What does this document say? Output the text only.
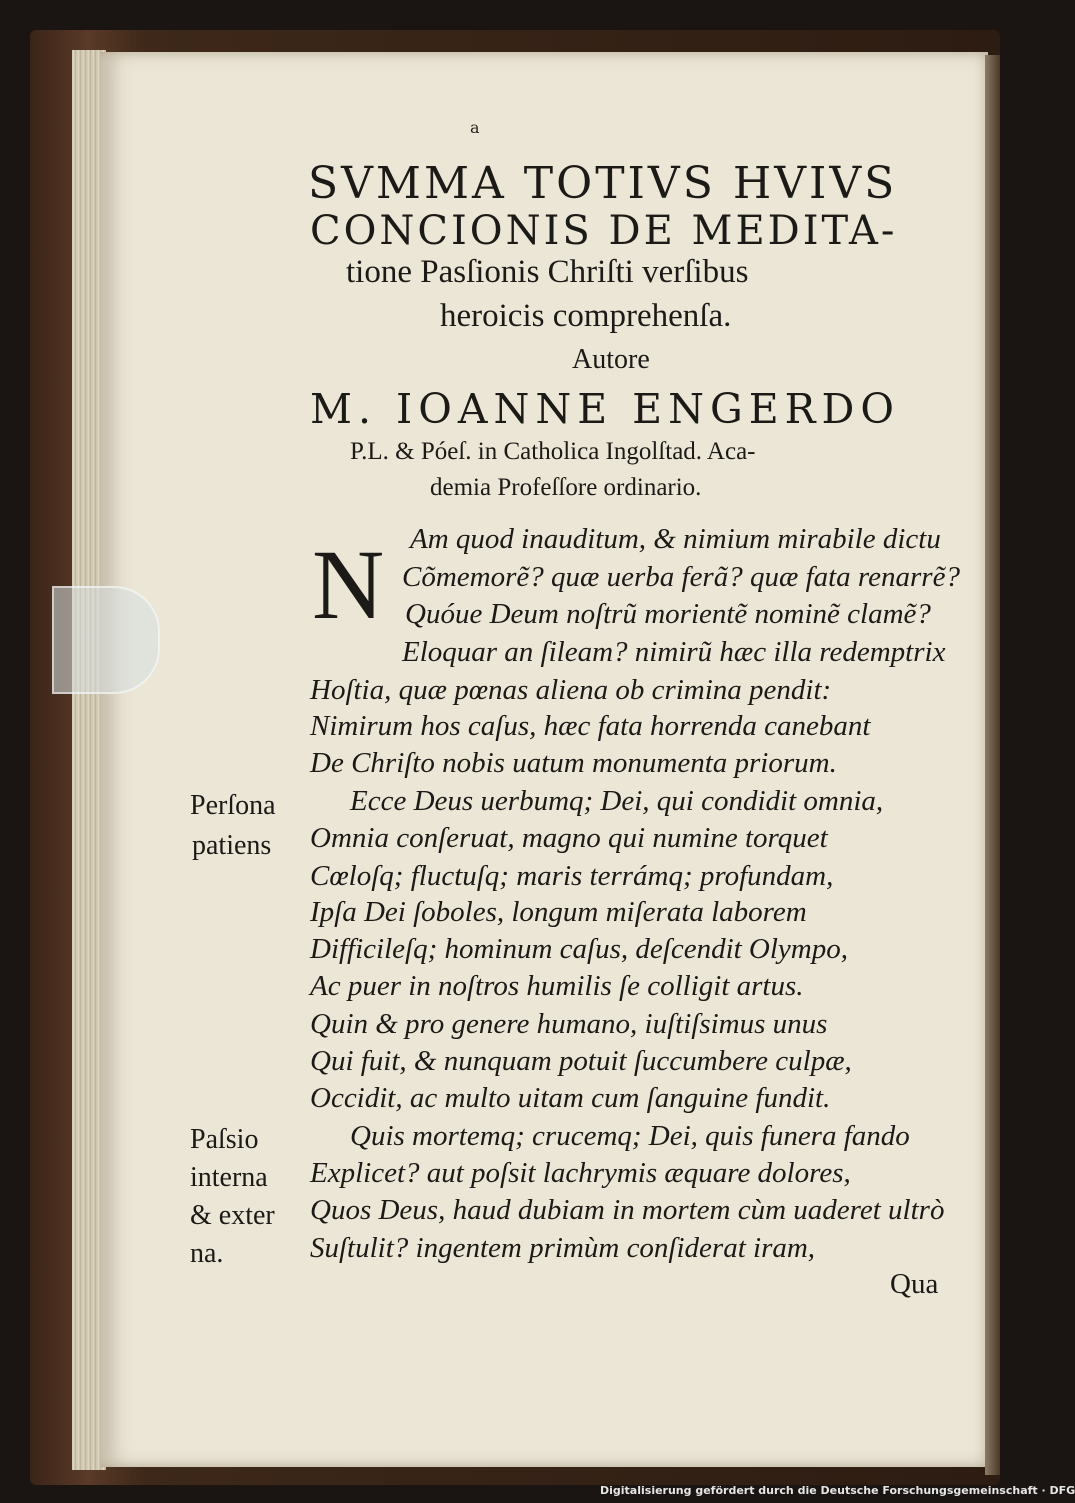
a
SVMMA TOTIVS HVIVS
CONCIONIS DE MEDITA-
tione Pasſionis Chriſti verſibus
heroicis comprehenſa.
Autore
M. IOANNE ENGERDO
P.L. & Póeſ. in Catholica Ingolſtad. Aca-
demia Profeſſore ordinario.
N Am quod inauditum, & nimium mirabile dictu
Cõmemorẽ? quæ uerba ferã? quæ fata renarrẽ?
Quóue Deum noſtrũ morientẽ nominẽ clamẽ?
Eloquar an ſileam? nimirũ hæc illa redemptrix
Hoſtia, quæ pœnas aliena ob crimina pendit:
Nimirum hos caſus, hæc fata horrenda canebant
De Chriſto nobis uatum monumenta priorum.
Ecce Deus uerbumq; Dei, qui condidit omnia,
Omnia conſeruat, magno qui numine torquet
Cœloſq; fluctuſq; maris terrámq; profundam,
Ipſa Dei ſoboles, longum miſerata laborem
Difficileſq; hominum caſus, deſcendit Olympo,
Ac puer in noſtros humilis ſe colligit artus.
Quin & pro genere humano, iuſtiſsimus unus
Qui fuit, & nunquam potuit ſuccumbere culpæ,
Occidit, ac multo uitam cum ſanguine fundit.
Quis mortemq; crucemq; Dei, quis funera fando
Explicet? aut poſsit lachrymis æquare dolores,
Quos Deus, haud dubiam in mortem cùm uaderet ultrò
Suſtulit? ingentem primùm conſiderat iram,
Perſona
patiens
Paſsio
interna
& exter
na.
Qua
Digitalisierung gefördert durch die Deutsche Forschungsgemeinschaft · DFG
